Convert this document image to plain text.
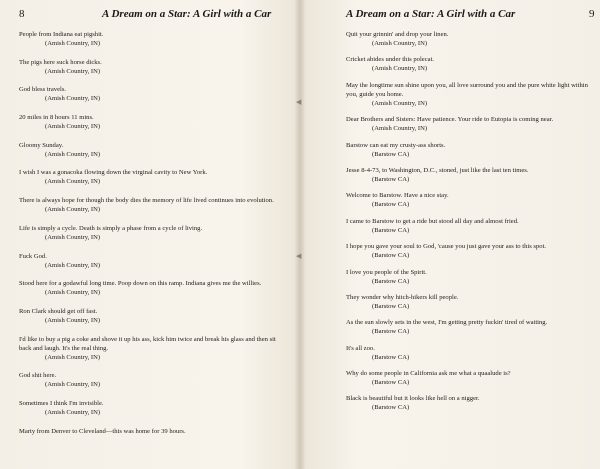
8	A Dream on a Star: A Girl with a Car
People from Indiana eat pigshit.
(Amish Country, IN)
The pigs here suck horse dicks.
(Amish Country, IN)
God bless travels.
(Amish Country, IN)
20 miles in 8 hours 11 mins.
(Amish Country, IN)
Gloomy Sunday.
(Amish Country, IN)
I wish I was a gonacoka flowing down the virginal cavity to New York.
(Amish Country, IN)
There is always hope for though the body dies the memory of life lived continues into evolution.
(Amish Country, IN)
Life is simply a cycle. Death is simply a phase from a cycle of living.
(Amish Country, IN)
Fuck God.
(Amish Country, IN)
Stood here for a godawful long time. Poop down on this ramp. Indiana gives me the willies.
(Amish Country, IN)
Ron Clark should get off fast.
(Amish Country, IN)
I'd like to buy a pig a coke and shove it up his ass, kick him twice and break his glass and then sit back and laugh. It's the real thing.
(Amish Country, IN)
God shit here.
(Amish Country, IN)
Sometimes I think I'm invisible.
(Amish Country, IN)
Marty from Denver to Cleveland—this was home for 39 hours.
◀
◀
9
A Dream on a Star: A Girl with a Car
Quit your grinnin' and drop your linen.
(Amish Country, IN)
Cricket abides under this polecat.
(Amish Country, IN)
May the longtime sun shine upon you, all love surround you and the pure white light within you, guide you home.
(Amish Country, IN)
Dear Brothers and Sisters: Have patience. Your ride to Eutopia is coming near.
(Amish Country, IN)
Barstow can eat my crusty-ass shorts.
(Barstow CA)
Jesse 8-4-73, to Washington, D.C., stoned, just like the last ten times.
(Barstow CA)
Welcome to Barstow. Have a nice stay.
(Barstow CA)
I came to Barstow to get a ride but stood all day and almost fried.
(Barstow CA)
I hope you gave your soul to God, 'cause you just gave your ass to this spot.
(Barstow CA)
I love you people of the Spirit.
(Barstow CA)
They wonder why hitch-hikers kill people.
(Barstow CA)
As the sun slowly sets in the west, I'm getting pretty fuckin' tired of waiting.
(Barstow CA)
It's all zoo.
(Barstow CA)
Why do some people in California ask me what a quaalude is?
(Barstow CA)
Black is beautiful but it looks like hell on a nigger.
(Barstow CA)
